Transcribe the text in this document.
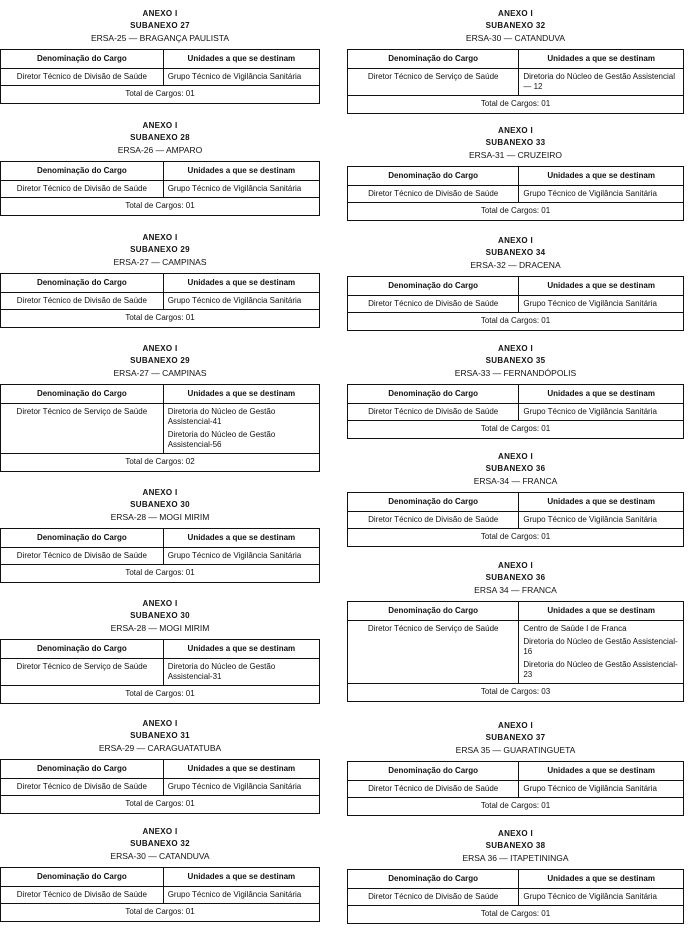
ANEXO I
SUBANEXO 27
ERSA-25 — BRAGANÇA PAULISTA
Denominação do Cargo	Unidades a que se destinam
Diretor Técnico de Divisão de Saúde	Grupo Técnico de Vigilância Sanitária

Total de Cargos: 01	
ANEXO I
SUBANEXO 28
ERSA-26 — AMPARO
Denominação do Cargo	Unidades a que se destinam
Diretor Técnico de Divisão de Saúde	Grupo Técnico de Vigilância Sanitária

Total de Cargos: 01	
ANEXO I
SUBANEXO 29
ERSA-27 — CAMPINAS
Denominação do Cargo	Unidades a que se destinam
Diretor Técnico de Divisão de Saúde	Grupo Técnico de Vigilância Sanitária

Total de Cargos: 01	
ANEXO I
SUBANEXO 29
ERSA-27 — CAMPINAS
Denominação do Cargo	Unidades a que se destinam
Diretor Técnico de Serviço de Saúde	Diretoria do Núcleo de Gestão Assistencial-41
Diretoria do Núcleo de Gestão Assistencial-56

Total de Cargos: 02	
ANEXO I
SUBANEXO 30
ERSA-28 — MOGI MIRIM
Denominação do Cargo	Unidades a que se destinam
Diretor Técnico de Divisão de Saúde	Grupo Técnico de Vigilância Sanitária

Total de Cargos: 01	
ANEXO I
SUBANEXO 30
ERSA-28 — MOGI MIRIM
Denominação do Cargo	Unidades a que se destinam
Diretor Técnico de Serviço de Saúde	Diretoria do Núcleo de Gestão Assistencial-31

Total de Cargos: 01	
ANEXO I
SUBANEXO 31
ERSA-29 — CARAGUATATUBA
Denominação do Cargo	Unidades a que se destinam
Diretor Técnico de Divisão de Saúde	Grupo Técnico de Vigilância Sanitária

Total de Cargos: 01	
ANEXO I
SUBANEXO 32
ERSA-30 — CATANDUVA
Denominação do Cargo	Unidades a que se destinam
Diretor Técnico de Divisão de Saúde	Grupo Técnico de Vigilância Sanitária

Total de Cargos: 01	
ANEXO I
SUBANEXO 32
ERSA-30 — CATANDUVA
Denominação do Cargo	Unidades a que se destinam
Diretor Técnico de Serviço de Saúde	Diretoria do Núcleo de Gestão Assistencial — 12

Total de Cargos: 01	
ANEXO I
SUBANEXO 33
ERSA-31 — CRUZEIRO
Denominação do Cargo	Unidades a que se destinam
Diretor Técnico de Divisão de Saúde	Grupo Técnico de Vigilância Sanitária

Total de Cargos: 01	
ANEXO I
SUBANEXO 34
ERSA-32 — DRACENA
Denominação do Cargo	Unidades a que se destinam
Diretor Técnico de Divisão de Saúde	Grupo Técnico de Vigilância Sanitária

Total da Cargos: 01	
ANEXO I
SUBANEXO 35
ERSA-33 — FERNANDÓPOLIS
Denominação do Cargo	Unidades a que se destinam
Diretor Técnico de Divisão de Saúde	Grupo Técnico de Vigilância Sanitária

Total de Cargos: 01	
ANEXO I
SUBANEXO 36
ERSA-34 — FRANCA
Denominação do Cargo	Unidades a que se destinam
Diretor Técnico de Divisão de Saúde	Grupo Técnico de Vigilância Sanitária

Total de Cargos: 01	
ANEXO I
SUBANEXO 36
ERSA 34 — FRANCA
Denominação do Cargo	Unidades a que se destinam
Diretor Técnico de Serviço de Saúde	Centro de Saúde I de Franca
Diretoria do Núcleo de Gestão Assistencial-16
Diretoria do Núcleo de Gestão Assistencial-23

Total de Cargos: 03	
ANEXO I
SUBANEXO 37
ERSA 35 — GUARATINGUETA
Denominação do Cargo	Unidades a que se destinam
Diretor Técnico de Divisão de Saúde	Grupo Técnico de Vigilância Sanitária

Total de Cargos: 01	
ANEXO I
SUBANEXO 38
ERSA 36 — ITAPETININGA
Denominação do Cargo	Unidades a que se destinam
Diretor Técnico de Divisão de Saúde	Grupo Técnico de Vigilância Sanitária

Total de Cargos: 01	
